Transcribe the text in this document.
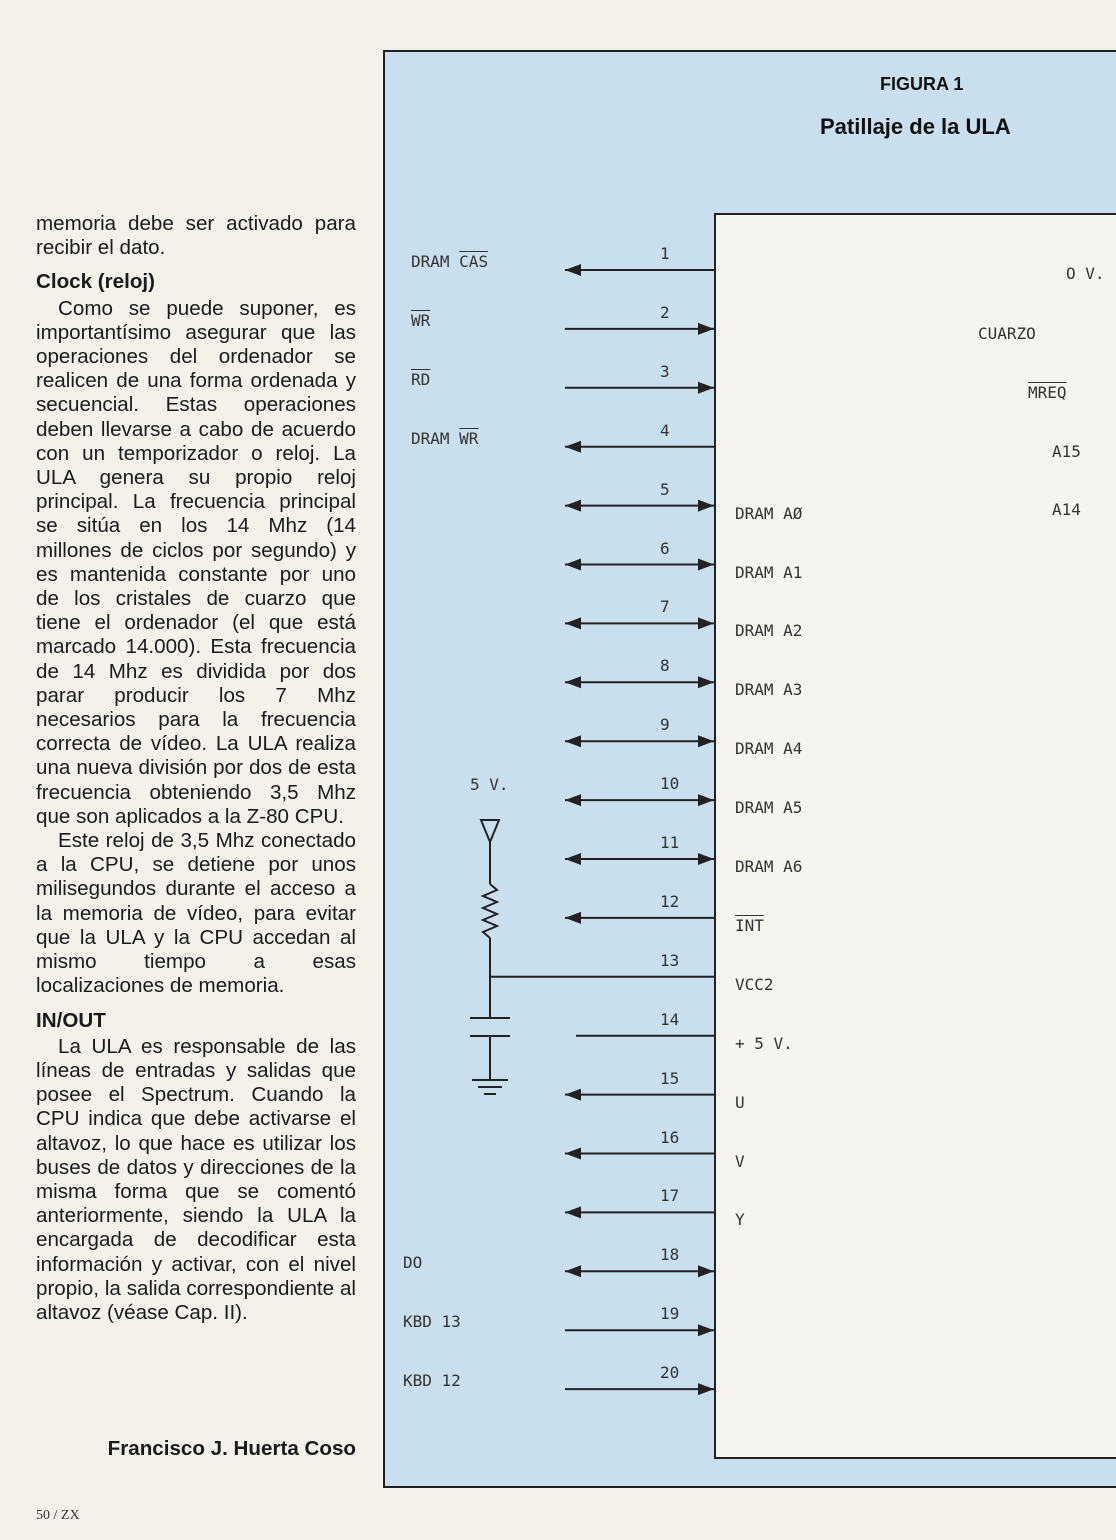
memoria debe ser activado para recibir el dato.

Clock (reloj)

Como se puede suponer, es importantísimo asegurar que las operaciones del ordenador se realicen de una forma ordenada y secuencial. Estas operaciones deben llevarse a cabo de acuerdo con un temporizador o reloj. La ULA genera su propio reloj principal. La frecuencia principal se sitúa en los 14 Mhz (14 millones de ciclos por segundo) y es mantenida constante por uno de los cristales de cuarzo que tiene el ordenador (el que está marcado 14.000). Esta frecuencia de 14 Mhz es dividida por dos parar producir los 7 Mhz necesarios para la frecuencia correcta de vídeo. La ULA realiza una nueva división por dos de esta frecuencia obteniendo 3,5 Mhz que son aplicados a la Z-80 CPU.

Este reloj de 3,5 Mhz conectado a la CPU, se detiene por unos milisegundos durante el acceso a la memoria de vídeo, para evitar que la ULA y la CPU accedan al mismo tiempo a esas localizaciones de memoria.

IN/OUT

La ULA es responsable de las líneas de entradas y salidas que posee el Spectrum. Cuando la CPU indica que debe activarse el altavoz, lo que hace es utilizar los buses de datos y direcciones de la misma forma que se comentó anteriormente, siendo la ULA la encargada de decodificar esta información y activar, con el nivel propio, la salida correspondiente al altavoz (véase Cap. II).

Francisco J. Huerta Coso
50 / ZX
FIGURA 1
Patillaje de la ULA
5 V.
1
DRAM $\overline{CAS}$
2
$\overline{WR}$
3
$\overline{RD}$
4
DRAM $\overline{WR}$
5
DRAM AØ
6
DRAM A1
7
DRAM A2
8
DRAM A3
9
DRAM A4
10
DRAM A5
11
DRAM A6
12
$\overline{INT}$
13
VCC2
14
+ 5 V.
15
U
16
V
17
Y
18
DO
19
KBD 13
20
KBD 12
O V.
CUARZO
MREQ
A15
A14
